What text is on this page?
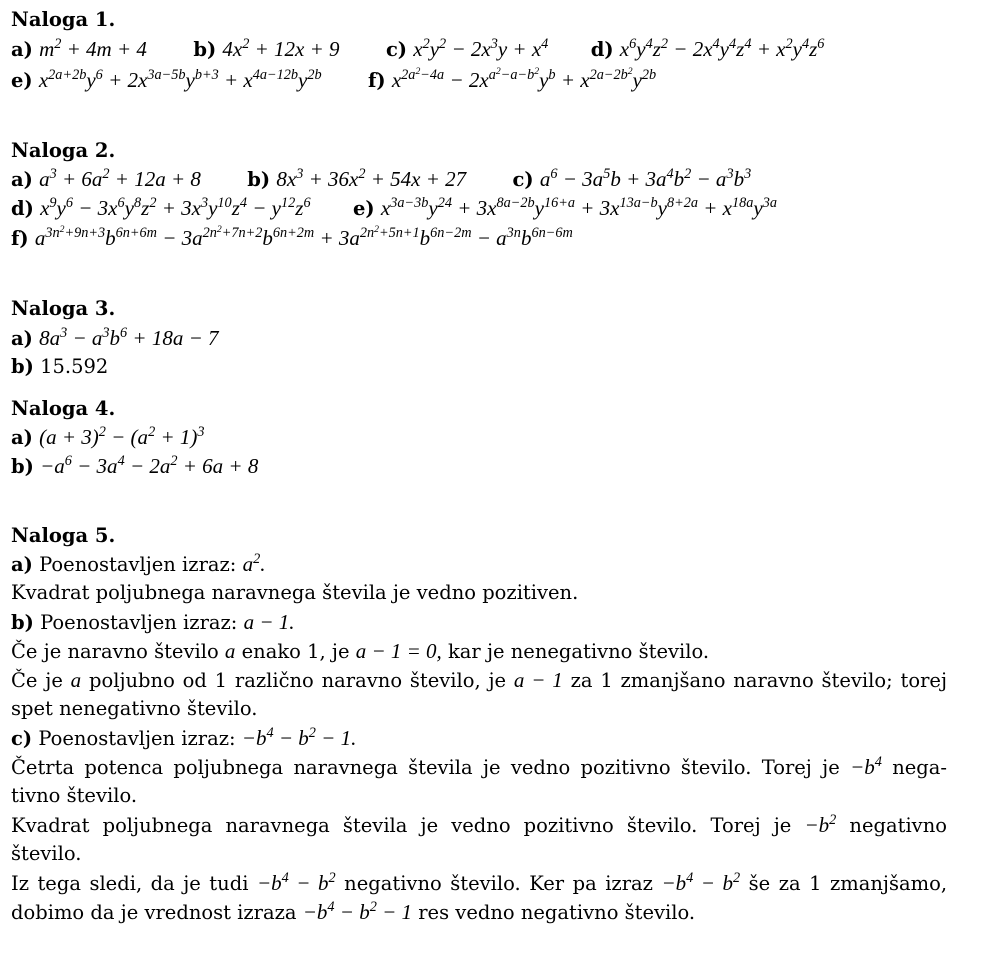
Naloga 1.
a) $m^2 + 4m + 4$ b) $4x^2 + 12x + 9$ c) $x^2y^2 - 2x^3y + x^4$ d) $x^6y^4z^2 - 2x^4y^4z^4 + x^2y^4z^6$
e) $x^{2a+2b}y^6 + 2x^{3a-5b}y^{b+3} + x^{4a-12b}y^{2b}$ f) $x^{2a^2-4a} - 2x^{a^2-a-b^2}y^b + x^{2a-2b^2}y^{2b}$
Naloga 2.
a) $a^3 + 6a^2 + 12a + 8$ b) $8x^3 + 36x^2 + 54x + 27$ c) $a^6 - 3a^5b + 3a^4b^2 - a^3b^3$
d) $x^9y^6 - 3x^6y^8z^2 + 3x^3y^{10}z^4 - y^{12}z^6$ e) $x^{3a-3b}y^{24} + 3x^{8a-2b}y^{16+a} + 3x^{13a-b}y^{8+2a} + x^{18a}y^{3a}$
f) $a^{3n^2+9n+3}b^{6n+6m} - 3a^{2n^2+7n+2}b^{6n+2m} + 3a^{2n^2+5n+1}b^{6n-2m} - a^{3n}b^{6n-6m}$
Naloga 3.
a) $8a^3 - a^3b^6 + 18a - 7$
b) 15.592
Naloga 4.
a) $(a + 3)^2 - (a^2 + 1)^3$
$b) -a^6 - 3a^4 - 2a^2 + 6a + 8$
Naloga 5.
a) Poenostavljen izraz: $a^2$.
Kvadrat poljubnega naravnega števila je vedno pozitiven.
b) Poenostavljen izraz: a − 1.
Če je naravno število a enako 1, je a − 1 = 0, kar je nenegativno število.
Če je a poljubno od 1 različno naravno število, je a − 1 za 1 zmanjšano naravno število; torej
spet nenegativno število.
c) Poenostavljen izraz: $-b^4 - b^2 - 1$.
Četrta potenca poljubnega naravnega števila je vedno pozitivno število. Torej je $-b^4$ nega-
tivno število.
Kvadrat poljubnega naravnega števila je vedno pozitivno število. Torej je $-b^2$ negativno
število.
Iz tega sledi, da je tudi $-b^4 - b^2$ negativno število. Ker pa izraz $-b^4 - b^2$ še za 1 zmanjšamo,
dobimo da je vrednost izraza $-b^4 - b^2 - 1$ res vedno negativno število.
